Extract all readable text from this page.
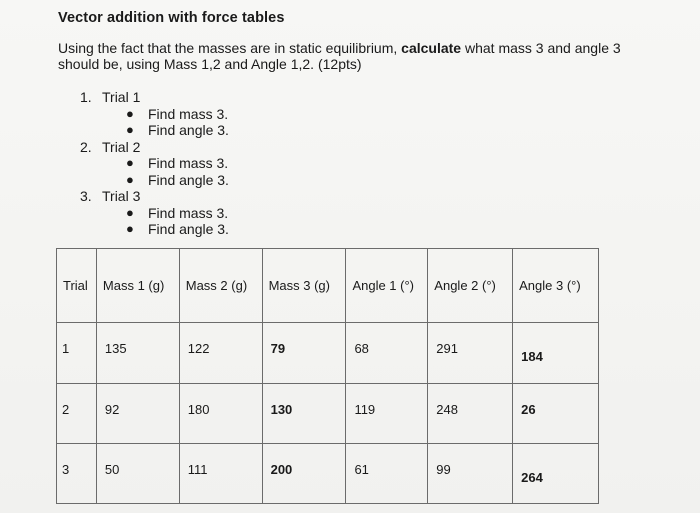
Vector addition with force tables
Using the fact that the masses are in static equilibrium, calculate what mass 3 and angle 3 should be, using Mass 1,2 and Angle 1,2. (12pts)
1. Trial 1
●	Find mass 3.
●	Find angle 3.
2. Trial 2
●	Find mass 3.
●	Find angle 3.
3. Trial 3
●	Find mass 3.
●	Find angle 3.
Trial	Mass 1 (g)	Mass 2 (g)	Mass 3 (g)	Angle 1 (°)	Angle 2 (°)	Angle 3 (°)
1	135	122	79	68	291	184
2	92	180	130	119	248	26
3	50	111	200	61	99	264
